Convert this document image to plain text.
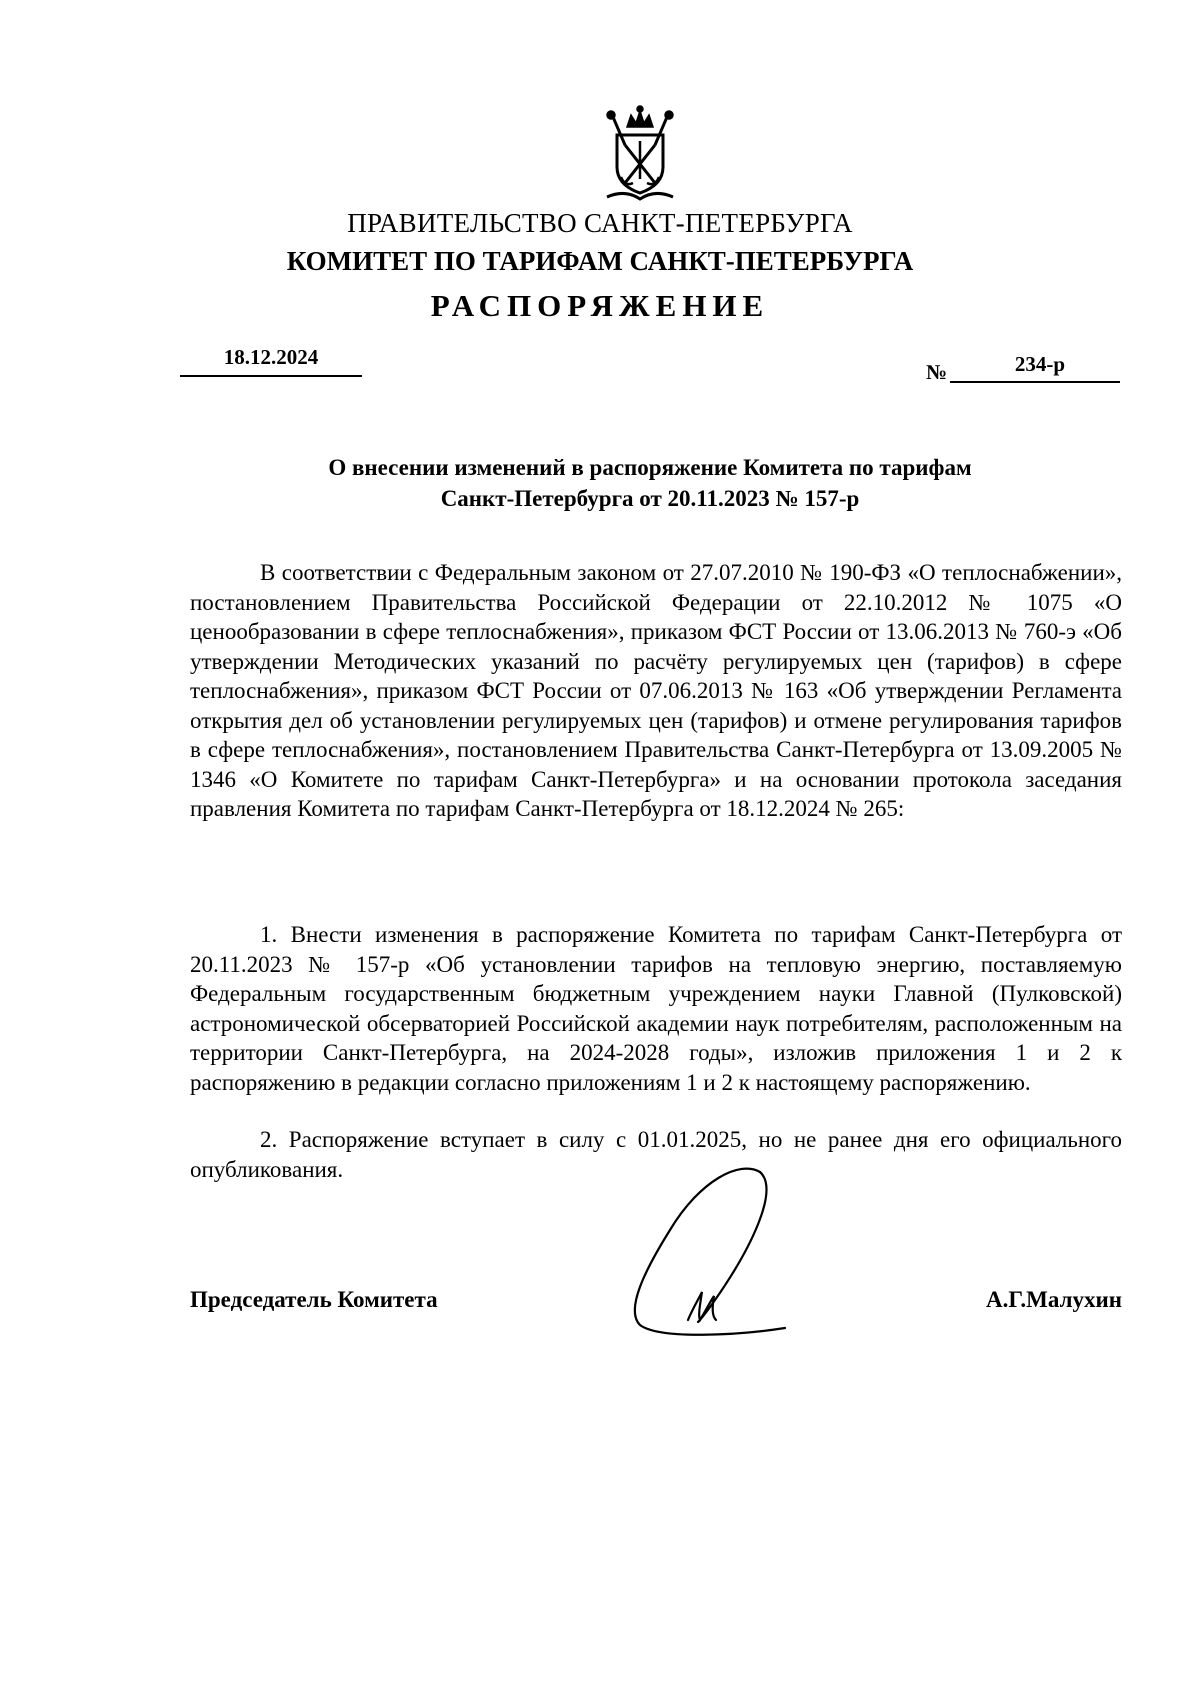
ПРАВИТЕЛЬСТВО САНКТ-ПЕТЕРБУРГА
КОМИТЕТ ПО ТАРИФАМ САНКТ-ПЕТЕРБУРГА
РАСПОРЯЖЕНИЕ
18.12.2024
№	234-р
О внесении изменений в распоряжение Комитета по тарифам
Санкт-Петербурга от 20.11.2023 № 157-р

В соответствии с Федеральным законом от 27.07.2010 № 190-ФЗ «О теплоснабжении», постановлением Правительства Российской Федерации от 22.10.2012 № 1075 «О ценообразовании в сфере теплоснабжения», приказом ФСТ России от 13.06.2013 № 760-э «Об утверждении Методических указаний по расчёту регулируемых цен (тарифов) в сфере теплоснабжения», приказом ФСТ России от 07.06.2013 № 163 «Об утверждении Регламента открытия дел об установлении регулируемых цен (тарифов) и отмене регулирования тарифов в сфере теплоснабжения», постановлением Правительства Санкт-Петербурга от 13.09.2005 № 1346 «О Комитете по тарифам Санкт-Петербурга» и на основании протокола заседания правления Комитета по тарифам Санкт-Петербурга от 18.12.2024 № 265:

1. Внести изменения в распоряжение Комитета по тарифам Санкт-Петербурга от 20.11.2023 № 157-р «Об установлении тарифов на тепловую энергию, поставляемую Федеральным государственным бюджетным учреждением науки Главной (Пулковской) астрономической обсерваторией Российской академии наук потребителям, расположенным на территории Санкт-Петербурга, на 2024-2028 годы», изложив приложения 1 и 2 к распоряжению в редакции согласно приложениям 1 и 2 к настоящему распоряжению.

2. Распоряжение вступает в силу с 01.01.2025, но не ранее дня его официального опубликования.

Председатель Комитета	А.Г.Малухин
